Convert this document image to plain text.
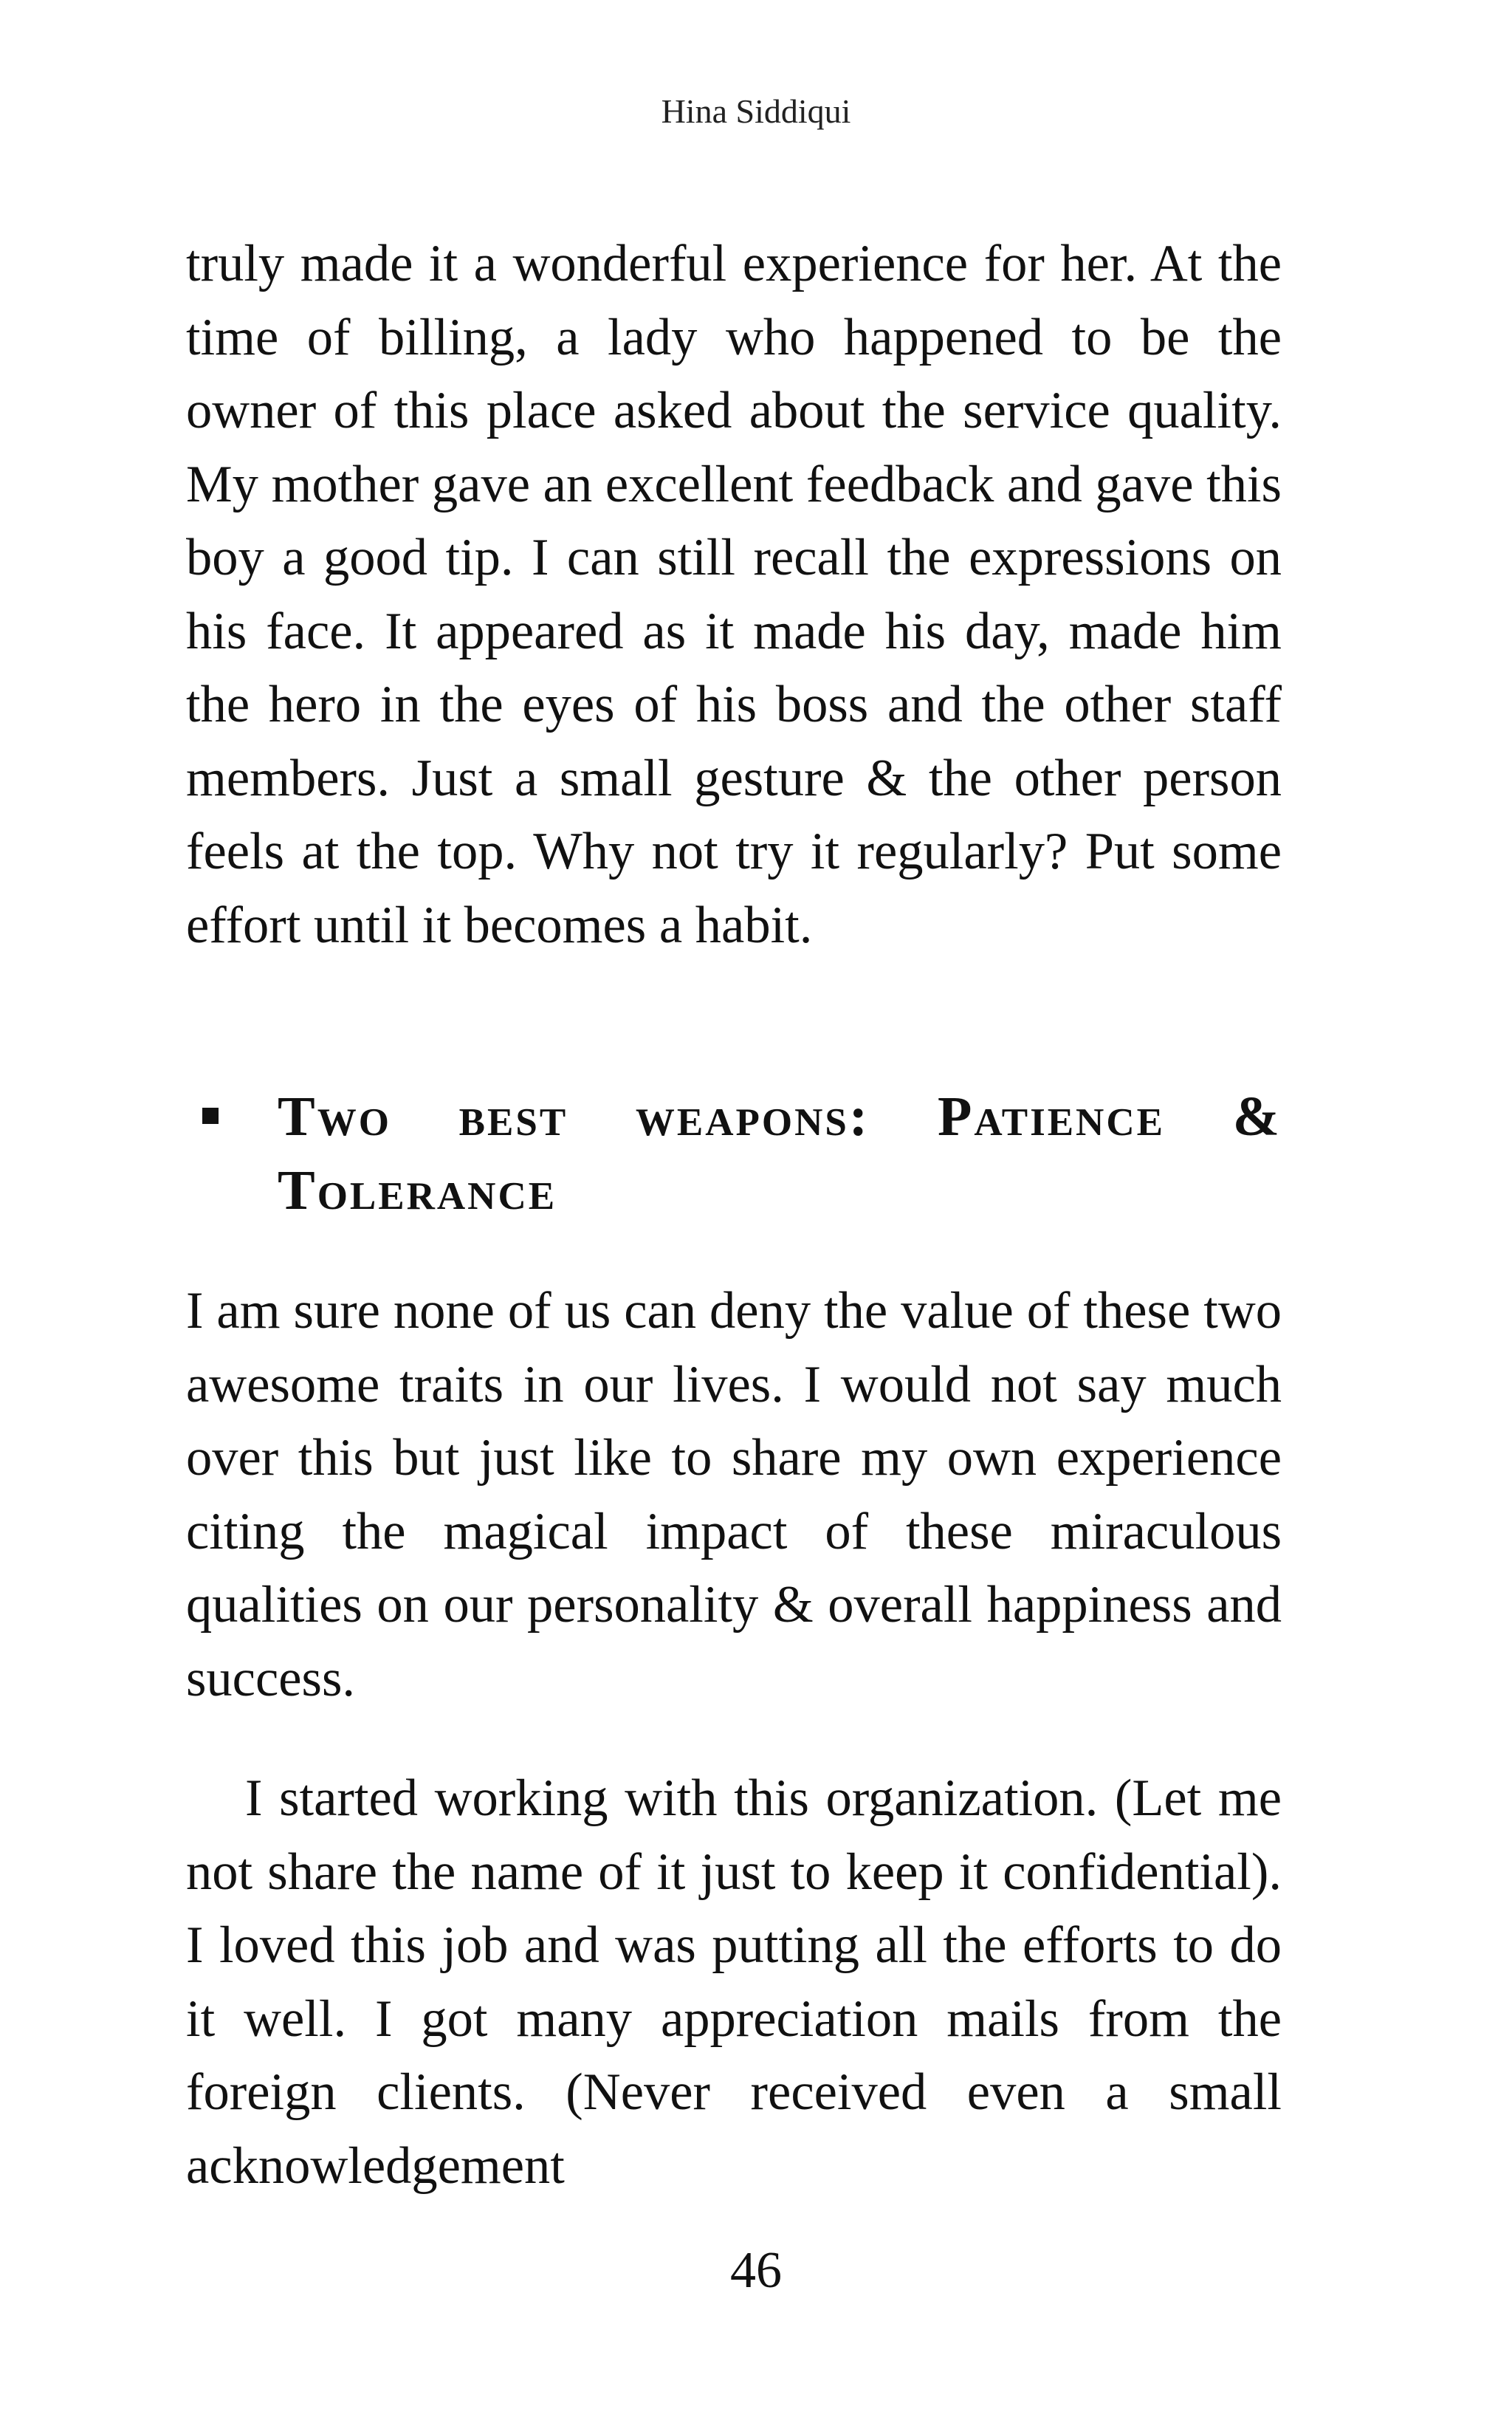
Hina Siddiqui
truly made it a wonderful experience for her. At the time of billing, a lady who happened to be the owner of this place asked about the service quality. My mother gave an excellent feedback and gave this boy a good tip. I can still recall the expressions on his face. It appeared as it made his day, made him the hero in the eyes of his boss and the other staff members. Just a small gesture & the other person feels at the top. Why not try it regularly? Put some effort until it becomes a habit.
Two best weapons: Patience & Tolerance
I am sure none of us can deny the value of these two awesome traits in our lives. I would not say much over this but just like to share my own experience citing the magical impact of these miraculous qualities on our personality & overall happiness and success.
I started working with this organization. (Let me not share the name of it just to keep it confidential). I loved this job and was putting all the efforts to do it well. I got many appreciation mails from the foreign clients. (Never received even a small acknowledgement
46
